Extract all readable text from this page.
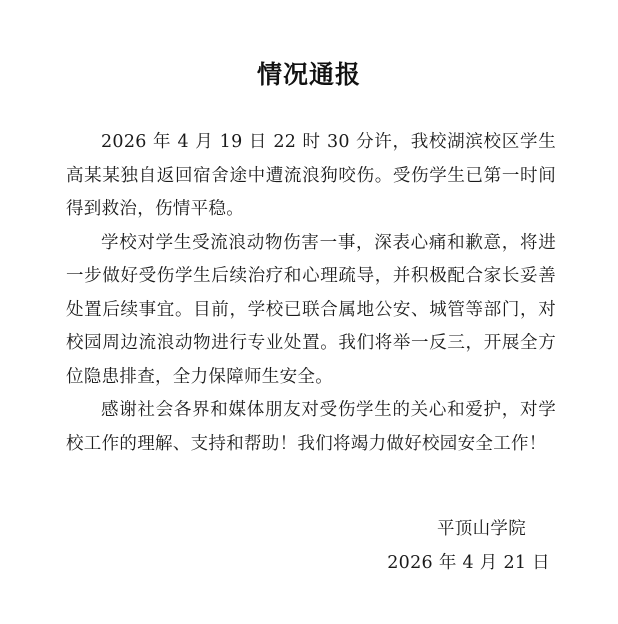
情况通报

2026 年 4 月 19 日 22 时 30 分许，我校湖滨校区学生高某某独自返回宿舍途中遭流浪狗咬伤。受伤学生已第一时间得到救治，伤情平稳。

学校对学生受流浪动物伤害一事，深表心痛和歉意，将进一步做好受伤学生后续治疗和心理疏导，并积极配合家长妥善处置后续事宜。目前，学校已联合属地公安、城管等部门，对校园周边流浪动物进行专业处置。我们将举一反三，开展全方位隐患排查，全力保障师生安全。

感谢社会各界和媒体朋友对受伤学生的关心和爱护，对学校工作的理解、支持和帮助！我们将竭力做好校园安全工作！

平顶山学院
2026 年 4 月 21 日
